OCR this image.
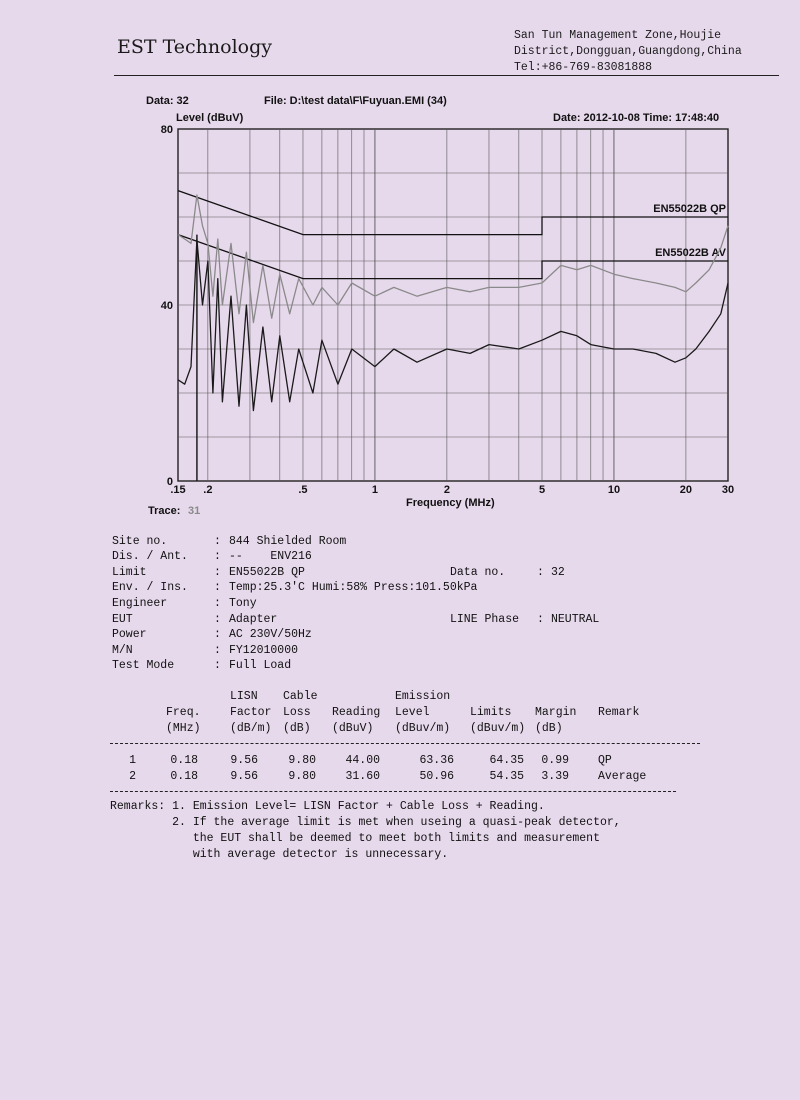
EST Technology
San Tun Management Zone,Houjie
District,Dongguan,Guangdong,China
Tel:+86-769-83081888
Data: 32	File: D:\test data\F\Fuyuan.EMI (34)
Date: 2012-10-08 Time: 17:48:40
Level (dBuV)
Frequency (MHz)
Trace: 31
EN55022B QP
EN55022B AV
.15 .2	.5	1	2	5	10	20	30
0
40
80

Site no.	: 844 Shielded Room

Dis. / Ant. : --    ENV216

Limit	: EN55022B QP

Env. / Ins. : Temp:25.3'C Humi:58% Press:101.50kPa

Engineer	: Tony

EUT	: Adapter

Power	: AC 230V/50Hz

M/N	: FY12010000

Test Mode	: Full Load

Data no.	: 32

LINE Phase : NEUTRAL

LISN Cable	Emission
Freq.	Factor Loss Reading Level	Limits Margin Remark
(MHz)	(dB/m) (dB) (dBuV) (dBuv/m) (dBuv/m) (dB)
1	0.18	9.56	9.80	44.00	63.36	64.35 0.99	QP
2	0.18	9.56	9.80	31.60	50.96	54.35 3.39	Average
Remarks: 1. Emission Level= LISN Factor + Cable Loss + Reading.
2. If the average limit is met when useing a quasi-peak detector,
the EUT shall be deemed to meet both limits and measurement
with average detector is unnecessary.
